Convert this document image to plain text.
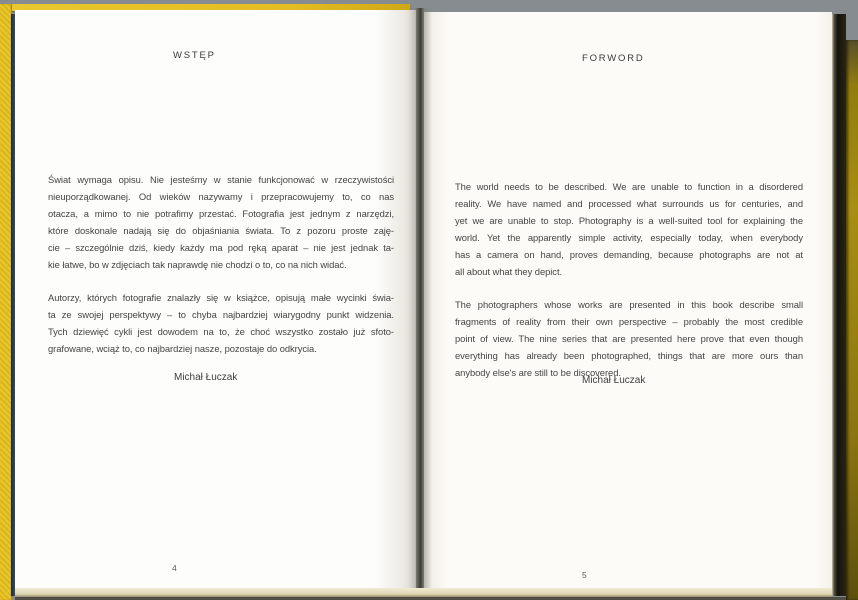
WSTĘP
Świat wymaga opisu. Nie jesteśmy w stanie funkcjonować w rzeczywistości
nieuporządkowanej. Od wieków nazywamy i przepracowujemy to, co nas
otacza, a mimo to nie potrafimy przestać. Fotografia jest jednym z narzędzi,
które doskonale nadają się do objaśniania świata. To z pozoru proste zaję-
cie – szczególnie dziś, kiedy każdy ma pod ręką aparat – nie jest jednak ta-
kie łatwe, bo w zdjęciach tak naprawdę nie chodzi o to, co na nich widać.
Autorzy, których fotografie znalazły się w książce, opisują małe wycinki świa-
ta ze swojej perspektywy – to chyba najbardziej wiarygodny punkt widzenia.
Tych dziewięć cykli jest dowodem na to, że choć wszystko zostało już sfoto-
grafowane, wciąż to, co najbardziej nasze, pozostaje do odkrycia.
Michał Łuczak
4
FORWORD
The world needs to be described. We are unable to function in a disordered
reality. We have named and processed what surrounds us for centuries, and
yet we are unable to stop. Photography is a well-suited tool for explaining the
world. Yet the apparently simple activity, especially today, when everybody
has a camera on hand, proves demanding, because photographs are not at
all about what they depict.
The photographers whose works are presented in this book describe small
fragments of reality from their own perspective – probably the most credible
point of view. The nine series that are presented here prove that even though
everything has already been photographed, things that are more ours than
anybody else's are still to be discovered.
Michał Łuczak
5
